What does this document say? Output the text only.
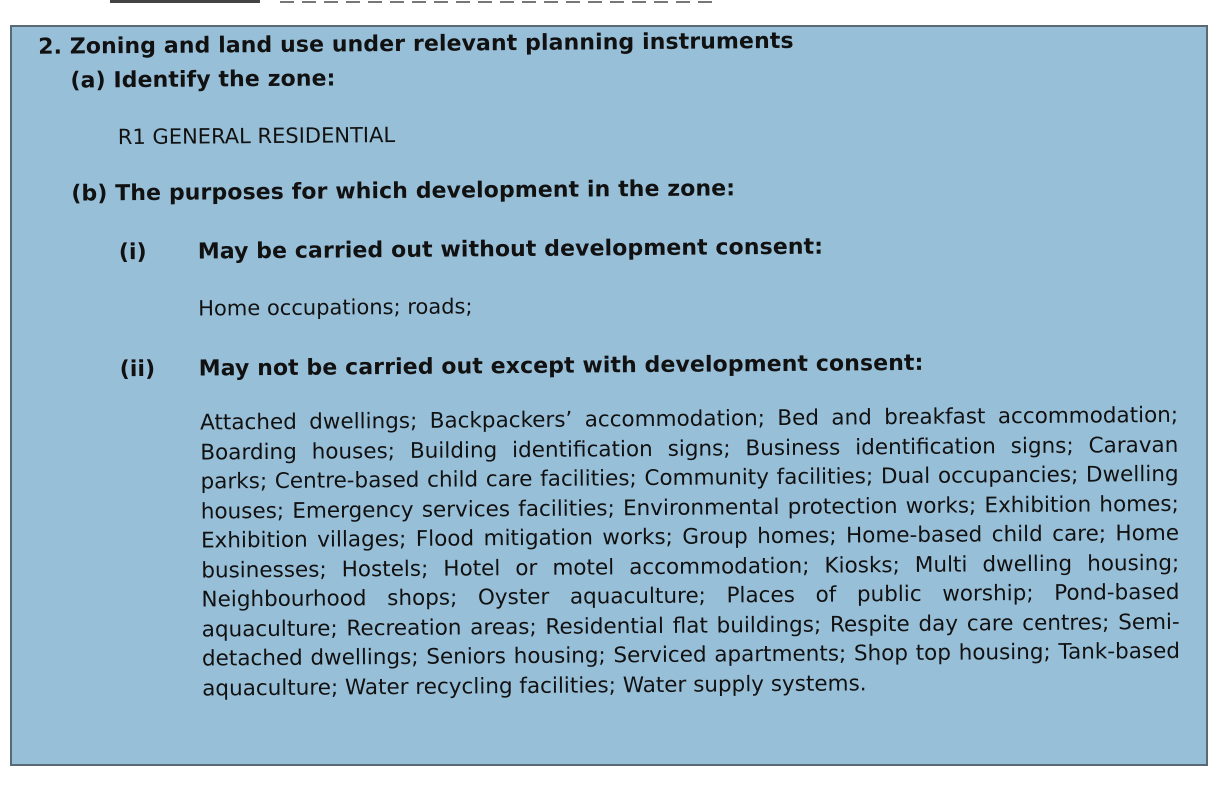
2. Zoning and land use under relevant planning instruments
(a) Identify the zone:
R1 GENERAL RESIDENTIAL
(b) The purposes for which development in the zone:
(i) May be carried out without development consent:
Home occupations; roads;
(ii) May not be carried out except with development consent:
Attached dwellings; Backpackers’ accommodation; Bed and breakfast accommodation; Boarding houses; Building identification signs; Business identification signs; Caravan parks; Centre-based child care facilities; Community facilities; Dual occupancies; Dwelling houses; Emergency services facilities; Environmental protection works; Exhibition homes; Exhibition villages; Flood mitigation works; Group homes; Home-based child care; Home businesses; Hostels; Hotel or motel accommodation; Kiosks; Multi dwelling housing; Neighbourhood shops; Oyster aquaculture; Places of public worship; Pond-based aquaculture; Recreation areas; Residential flat buildings; Respite day care centres; Semi-detached dwellings; Seniors housing; Serviced apartments; Shop top housing; Tank-based aquaculture; Water recycling facilities; Water supply systems.
